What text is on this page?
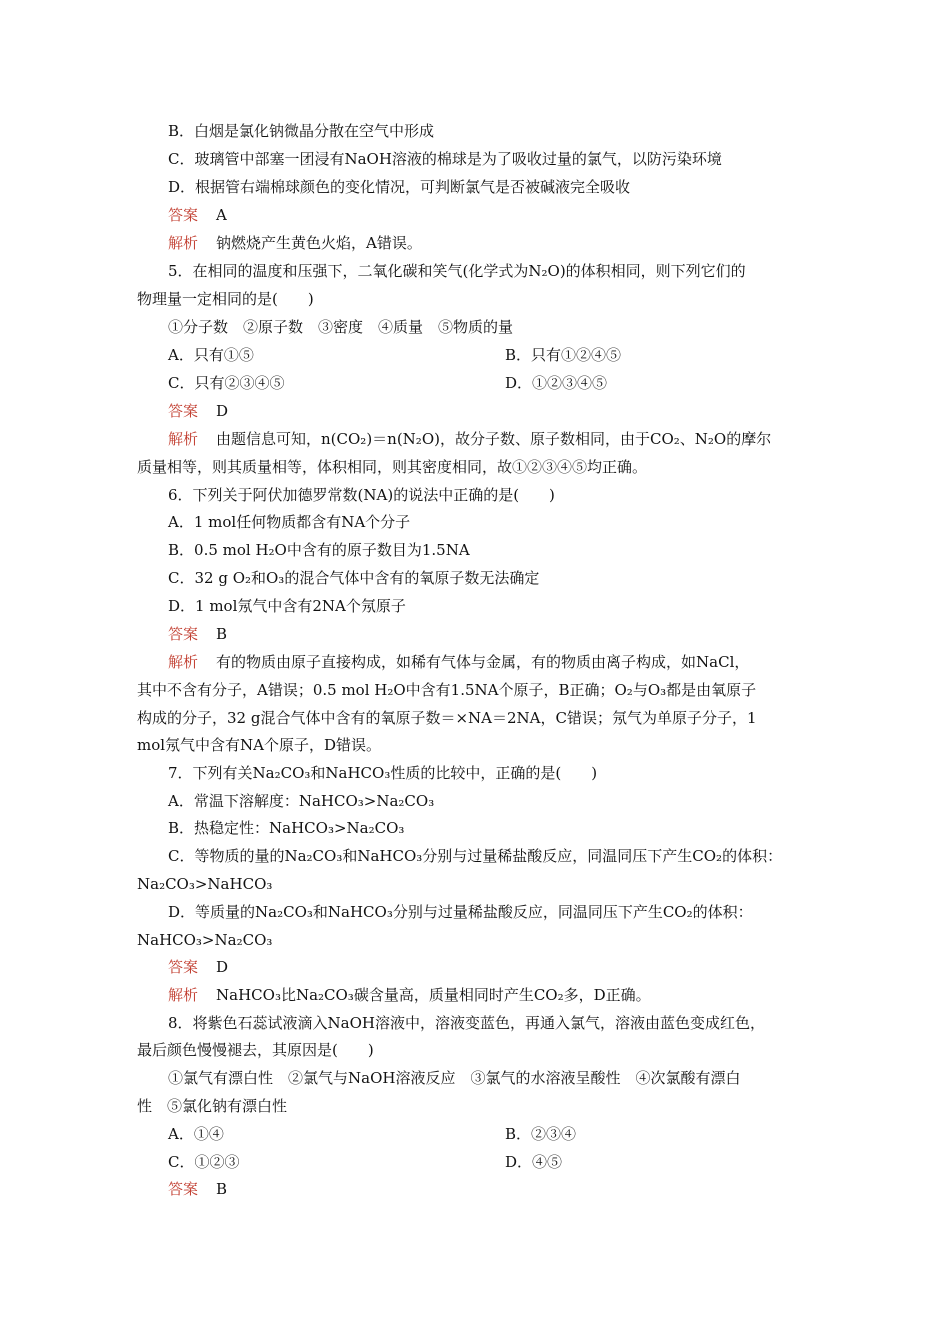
B．白烟是氯化钠微晶分散在空气中形成
C．玻璃管中部塞一团浸有NaOH溶液的棉球是为了吸收过量的氯气，以防污染环境
D．根据管右端棉球颜色的变化情况，可判断氯气是否被碱液完全吸收
答案 A
解析 钠燃烧产生黄色火焰，A错误。
5．在相同的温度和压强下，二氧化碳和笑气(化学式为N₂O)的体积相同，则下列它们的
物理量一定相同的是(　　)
①分子数　②原子数　③密度　④质量　⑤物质的量
A．只有①⑤	B．只有①②④⑤
C．只有②③④⑤	D．①②③④⑤
答案 D
解析 由题信息可知，n(CO₂)＝n(N₂O)，故分子数、原子数相同，由于CO₂、N₂O的摩尔
质量相等，则其质量相等，体积相同，则其密度相同，故①②③④⑤均正确。
6．下列关于阿伏加德罗常数(NA)的说法中正确的是(　　)
A．1 mol任何物质都含有NA个分子
B．0.5 mol H₂O中含有的原子数目为1.5NA
C．32 g O₂和O₃的混合气体中含有的氧原子数无法确定
D．1 mol氖气中含有2NA个氖原子
答案 B
解析 有的物质由原子直接构成，如稀有气体与金属，有的物质由离子构成，如NaCl，
其中不含有分子，A错误；0.5 mol H₂O中含有1.5NA个原子，B正确；O₂与O₃都是由氧原子
构成的分子，32 g混合气体中含有的氧原子数＝×NA＝2NA，C错误；氖气为单原子分子，1
mol氖气中含有NA个原子，D错误。
7．下列有关Na₂CO₃和NaHCO₃性质的比较中，正确的是(　　)
A．常温下溶解度：NaHCO₃>Na₂CO₃
B．热稳定性：NaHCO₃>Na₂CO₃
C．等物质的量的Na₂CO₃和NaHCO₃分别与过量稀盐酸反应，同温同压下产生CO₂的体积：
Na₂CO₃>NaHCO₃
D．等质量的Na₂CO₃和NaHCO₃分别与过量稀盐酸反应，同温同压下产生CO₂的体积：
NaHCO₃>Na₂CO₃
答案 D
解析 NaHCO₃比Na₂CO₃碳含量高，质量相同时产生CO₂多，D正确。
8．将紫色石蕊试液滴入NaOH溶液中，溶液变蓝色，再通入氯气，溶液由蓝色变成红色，
最后颜色慢慢褪去，其原因是(　　)
①氯气有漂白性　②氯气与NaOH溶液反应　③氯气的水溶液呈酸性　④次氯酸有漂白
性　⑤氯化钠有漂白性
A．①④	B．②③④
C．①②③	D．④⑤
答案 B
